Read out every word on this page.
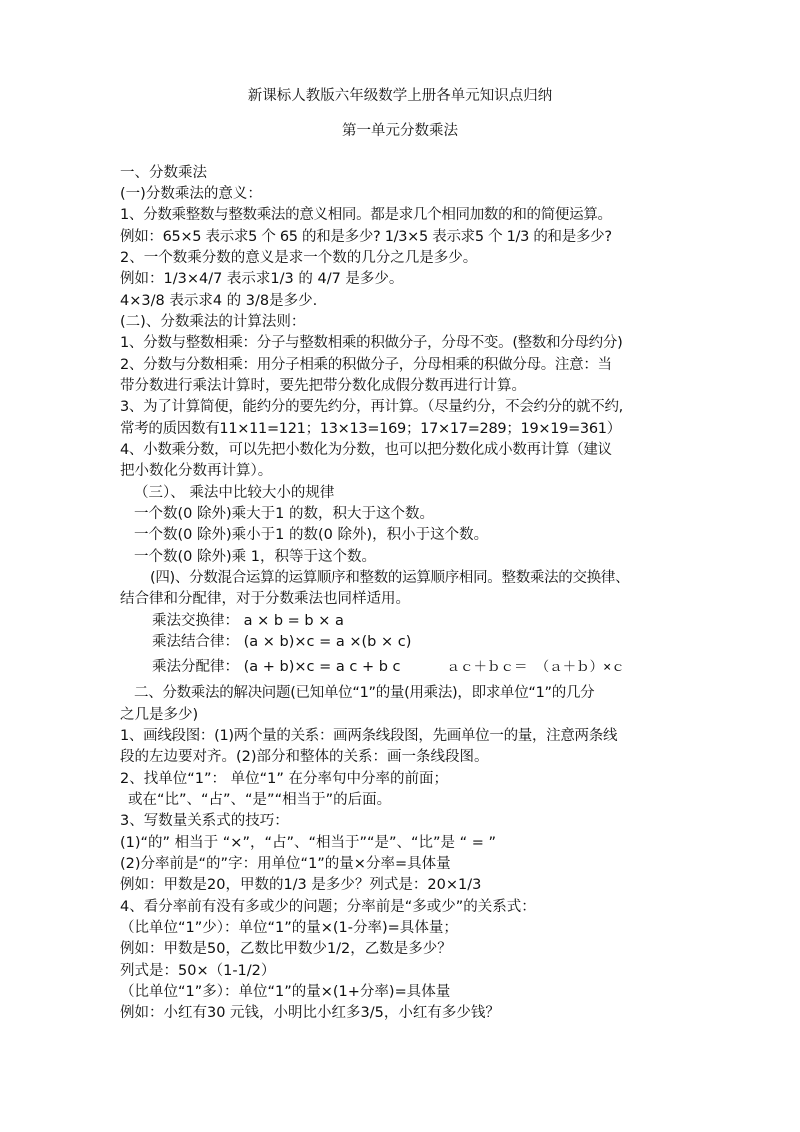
新课标人教版六年级数学上册各单元知识点归纳
第一单元分数乘法
一、分数乘法
(一)分数乘法的意义：
1、分数乘整数与整数乘法的意义相同。都是求几个相同加数的和的简便运算。
例如：65×5 表示求5 个 65 的和是多少? 1/3×5 表示求5 个 1/3 的和是多少?
2、一个数乘分数的意义是求一个数的几分之几是多少。
例如：1/3×4/7 表示求1/3 的 4/7 是多少。
4×3/8 表示求4 的 3/8是多少.
(二)、分数乘法的计算法则：
1、分数与整数相乘：分子与整数相乘的积做分子，分母不变。(整数和分母约分)
2、分数与分数相乘：用分子相乘的积做分子，分母相乘的积做分母。注意：当
带分数进行乘法计算时，要先把带分数化成假分数再进行计算。
3、为了计算简便，能约分的要先约分，再计算。（尽量约分，不会约分的就不约,
常考的质因数有11×11=121；13×13=169；17×17=289；19×19=361）
4、小数乘分数，可以先把小数化为分数，也可以把分数化成小数再计算（建议
把小数化分数再计算）。
（三）、 乘法中比较大小的规律
一个数(0 除外)乘大于1 的数，积大于这个数。
一个数(0 除外)乘小于1 的数(0 除外)，积小于这个数。
一个数(0 除外)乘 1，积等于这个数。
(四)、分数混合运算的运算顺序和整数的运算顺序相同。整数乘法的交换律、
结合律和分配律，对于分数乘法也同样适用。
乘法交换律： a × b = b × a
乘法结合律： (a × b)×c = a ×(b × c)
乘法分配律： (a + b)×c = a c + b c	ａｃ＋ｂｃ＝ （ａ＋ｂ）×ｃ
二、分数乘法的解决问题(已知单位“1”的量(用乘法)，即求单位“1”的几分
之几是多少)
1、画线段图：(1)两个量的关系：画两条线段图，先画单位一的量，注意两条线
段的左边要对齐。(2)部分和整体的关系：画一条线段图。
2、找单位“1”： 单位“1” 在分率句中分率的前面；
或在“比”、“占”、“是”“相当于”的后面。
3、写数量关系式的技巧：
(1)“的” 相当于 “×”，“占”、“相当于”“是”、“比”是 “ = ”
(2)分率前是“的”字：用单位“1”的量×分率=具体量
例如：甲数是20，甲数的1/3 是多少？列式是：20×1/3
4、看分率前有没有多或少的问题；分率前是“多或少”的关系式：
（比单位“1”少）：单位“1”的量×(1-分率)=具体量；
例如：甲数是50，乙数比甲数少1/2，乙数是多少？
列式是：50×（1-1/2）
（比单位“1”多）：单位“1”的量×(1+分率)=具体量
例如：小红有30 元钱，小明比小红多3/5，小红有多少钱？
